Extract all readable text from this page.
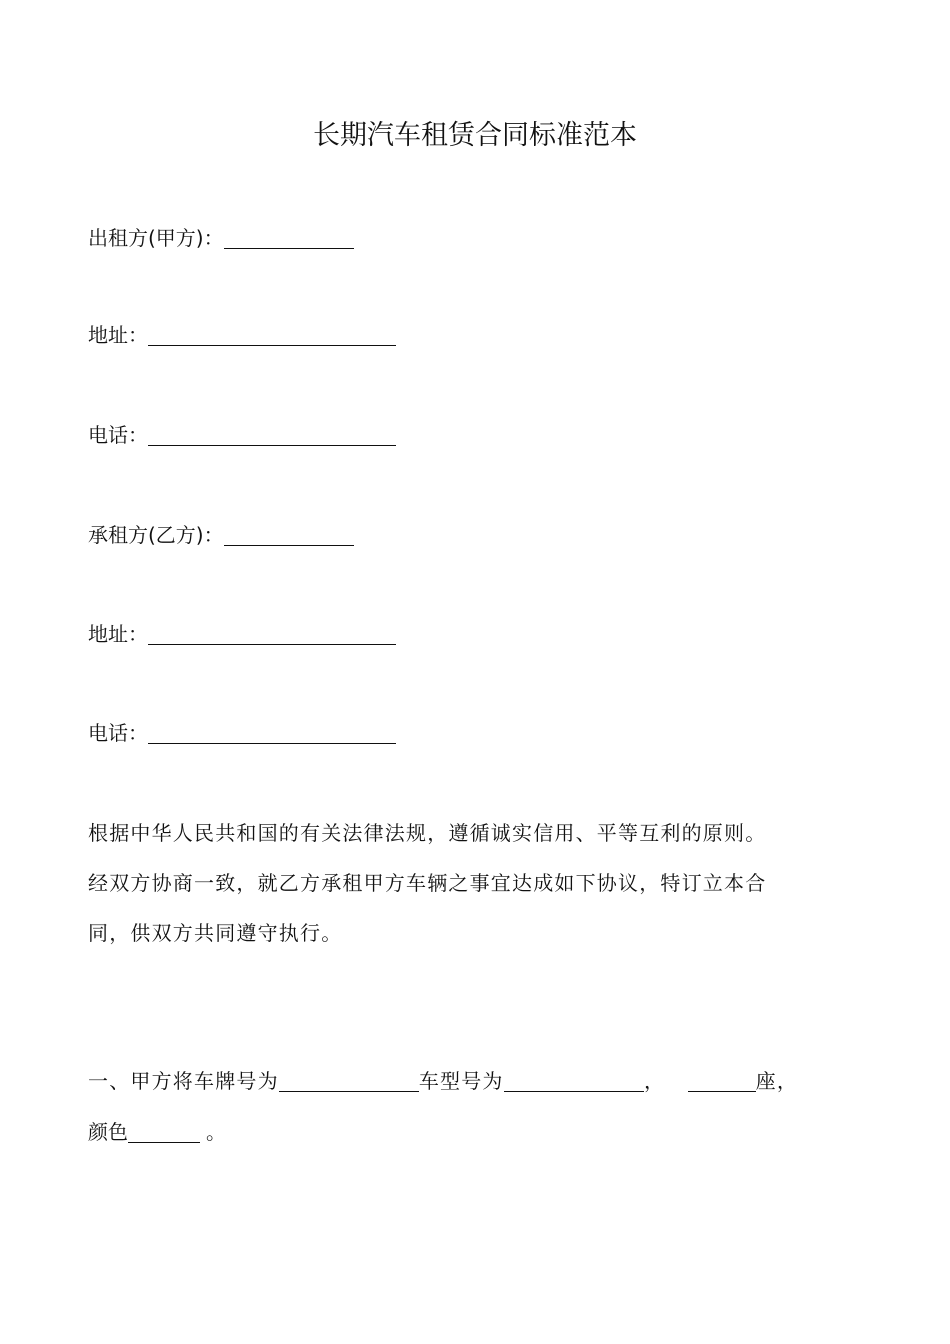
长期汽车租赁合同标准范本
出租方(甲方)：
地址：
电话：
承租方(乙方)：
地址：
电话：
根据中华人民共和国的有关法律法规，遵循诚实信用、平等互利的原则。
经双方协商一致，就乙方承租甲方车辆之事宜达成如下协议，特订立本合
同，供双方共同遵守执行。
一、甲方将车牌号为	车型号为	，	座，
颜色	。
